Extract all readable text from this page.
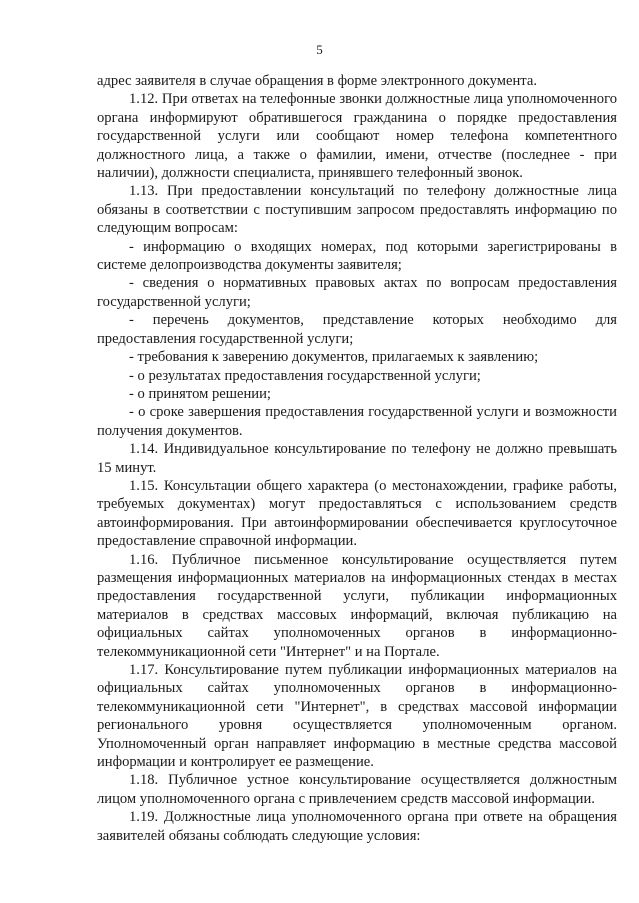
5

адрес заявителя в случае обращения в форме электронного документа.

1.12. При ответах на телефонные звонки должностные лица уполномоченного органа информируют обратившегося гражданина о порядке предоставления государственной услуги или сообщают номер телефона компетентного должностного лица, а также о фамилии, имени, отчестве (последнее - при наличии), должности специалиста, принявшего телефонный звонок.

1.13. При предоставлении консультаций по телефону должностные лица обязаны в соответствии с поступившим запросом предоставлять информацию по следующим вопросам:

- информацию о входящих номерах, под которыми зарегистрированы в системе делопроизводства документы заявителя;

- сведения о нормативных правовых актах по вопросам предоставления государственной услуги;

- перечень документов, представление которых необходимо для предоставления государственной услуги;

- требования к заверению документов, прилагаемых к заявлению;

- о результатах предоставления государственной услуги;

- о принятом решении;

- о сроке завершения предоставления государственной услуги и возможности получения документов.

1.14. Индивидуальное консультирование по телефону не должно превышать 15 минут.

1.15. Консультации общего характера (о местонахождении, графике работы, требуемых документах) могут предоставляться с использованием средств автоинформирования. При автоинформировании обеспечивается круглосуточное предоставление справочной информации.

1.16. Публичное письменное консультирование осуществляется путем размещения информационных материалов на информационных стендах в местах предоставления государственной услуги, публикации информационных материалов в средствах массовых информаций, включая публикацию на официальных сайтах уполномоченных органов в информационно-телекоммуникационной сети "Интернет" и на Портале.

1.17. Консультирование путем публикации информационных материалов на официальных сайтах уполномоченных органов в информационно-телекоммуникационной сети "Интернет", в средствах массовой информации регионального уровня осуществляется уполномоченным органом. Уполномоченный орган направляет информацию в местные средства массовой информации и контролирует ее размещение.

1.18. Публичное устное консультирование осуществляется должностным лицом уполномоченного органа с привлечением средств массовой информации.

1.19. Должностные лица уполномоченного органа при ответе на обращения заявителей обязаны соблюдать следующие условия:
